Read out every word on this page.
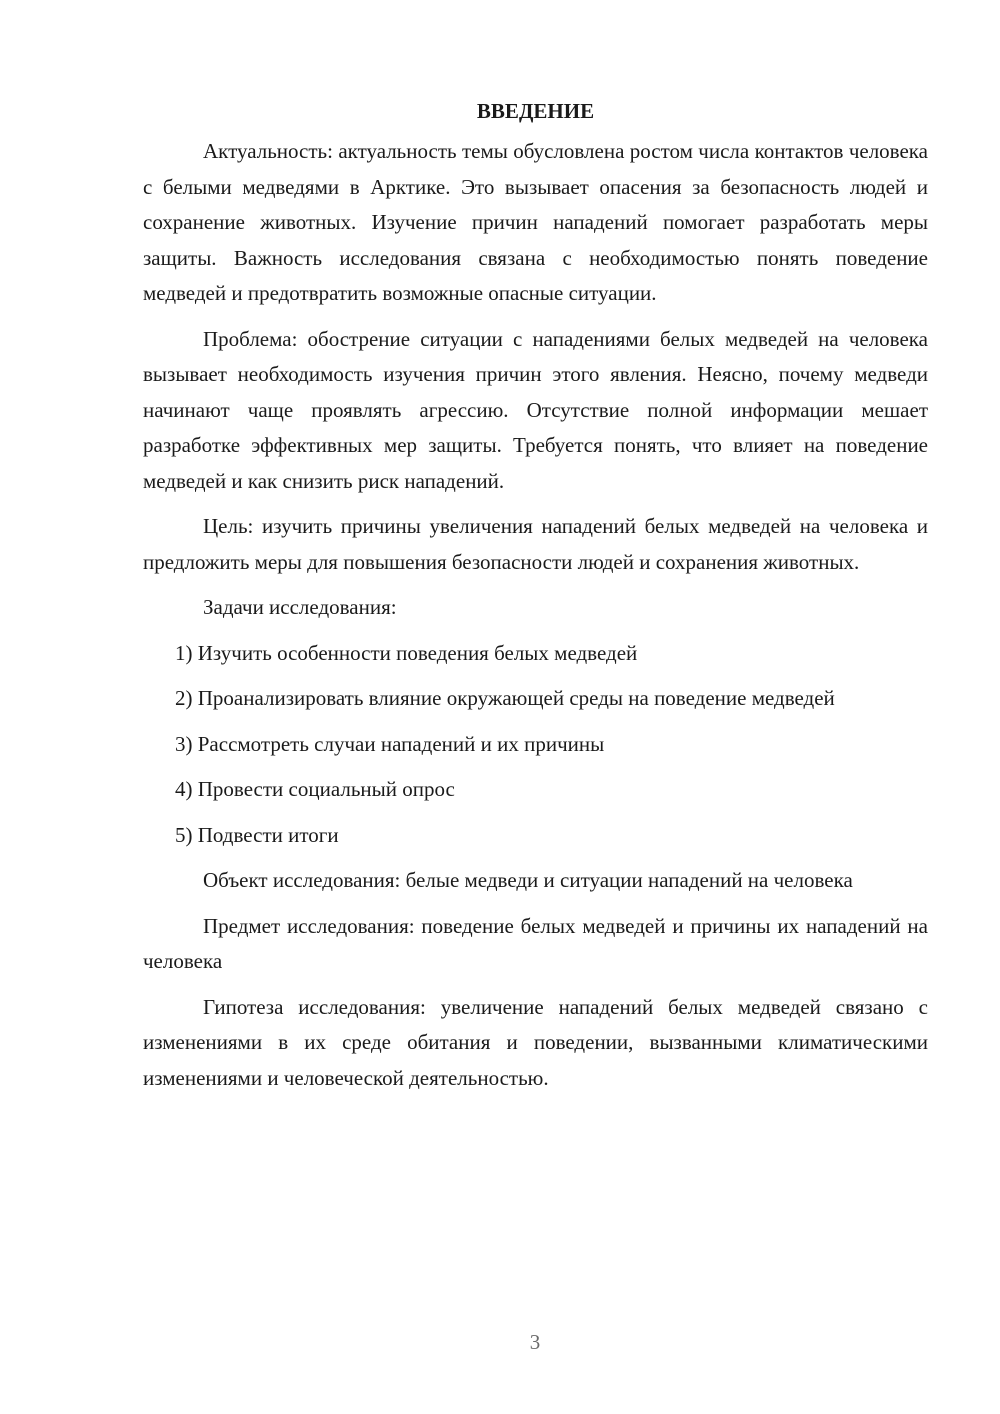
ВВЕДЕНИЕ

Актуальность: актуальность темы обусловлена ростом числа контактов человека с белыми медведями в Арктике. Это вызывает опасения за безопасность людей и сохранение животных. Изучение причин нападений помогает разработать меры защиты. Важность исследования связана с необходимостью понять поведение медведей и предотвратить возможные опасные ситуации.

Проблема: обострение ситуации с нападениями белых медведей на человека вызывает необходимость изучения причин этого явления. Неясно, почему медведи начинают чаще проявлять агрессию. Отсутствие полной информации мешает разработке эффективных мер защиты. Требуется понять, что влияет на поведение медведей и как снизить риск нападений.

Цель: изучить причины увеличения нападений белых медведей на человека и предложить меры для повышения безопасности людей и сохранения животных.

Задачи исследования:

1) Изучить особенности поведения белых медведей

2) Проанализировать влияние окружающей среды на поведение медведей

3) Рассмотреть случаи нападений и их причины

4) Провести социальный опрос

5) Подвести итоги

Объект исследования: белые медведи и ситуации нападений на человека

Предмет исследования: поведение белых медведей и причины их нападений на человека

Гипотеза исследования: увеличение нападений белых медведей связано с изменениями в их среде обитания и поведении, вызванными климатическими изменениями и человеческой деятельностью.

3
